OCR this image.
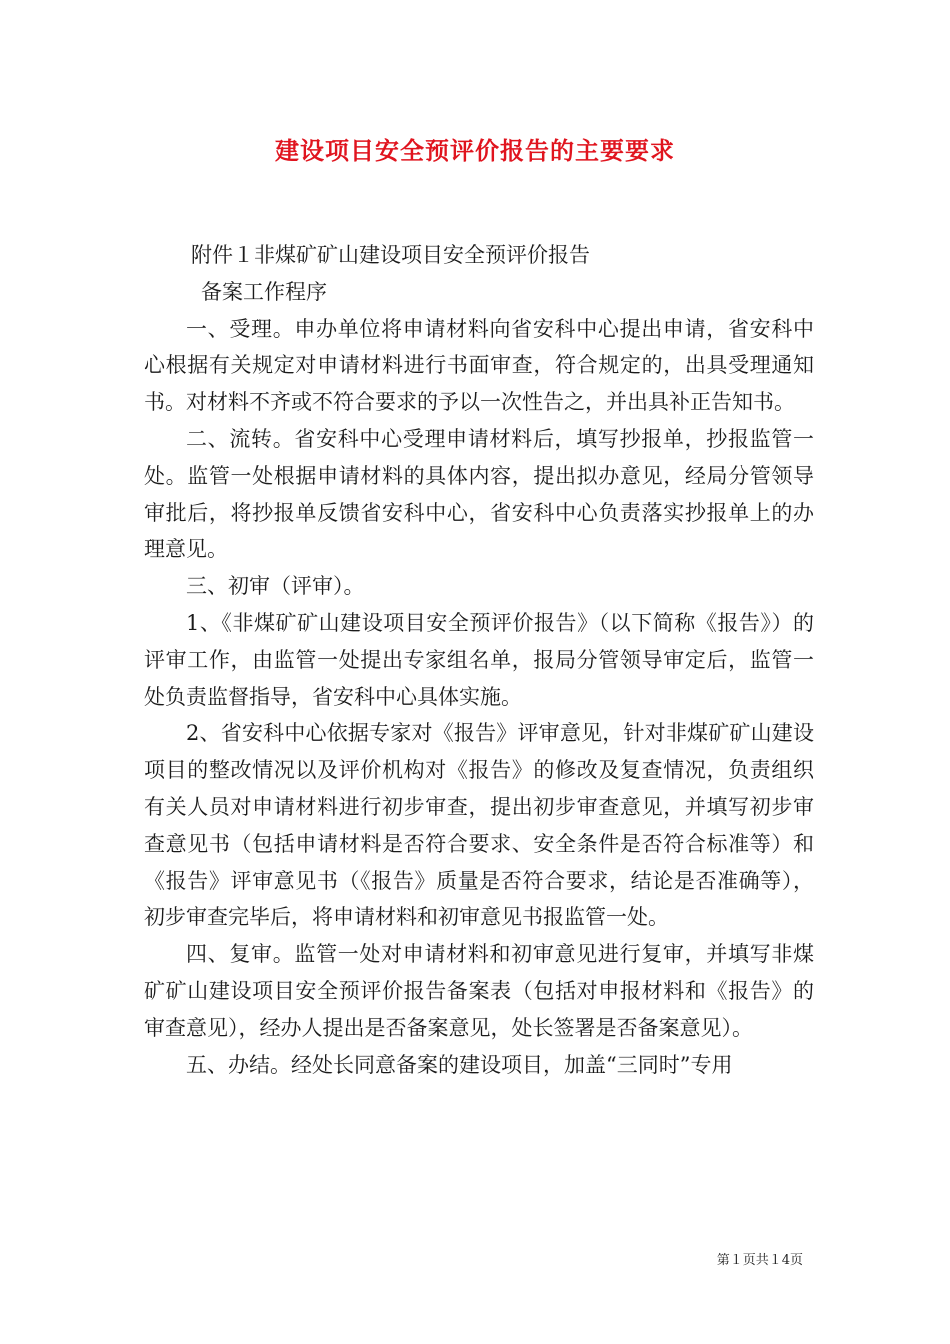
建设项目安全预评价报告的主要要求

附件１非煤矿矿山建设项目安全预评价报告

备案工作程序

一、受理。申办单位将申请材料向省安科中心提出申请，省安科中心根据有关规定对申请材料进行书面审查，符合规定的，出具受理通知书。对材料不齐或不符合要求的予以一次性告之，并出具补正告知书。

二、流转。省安科中心受理申请材料后，填写抄报单，抄报监管一处。监管一处根据申请材料的具体内容，提出拟办意见，经局分管领导审批后，将抄报单反馈省安科中心，省安科中心负责落实抄报单上的办理意见。

三、初审（评审）。

1、《非煤矿矿山建设项目安全预评价报告》（以下简称《报告》）的评审工作，由监管一处提出专家组名单，报局分管领导审定后，监管一处负责监督指导，省安科中心具体实施。

2、省安科中心依据专家对《报告》评审意见，针对非煤矿矿山建设项目的整改情况以及评价机构对《报告》的修改及复查情况，负责组织有关人员对申请材料进行初步审查，提出初步审查意见，并填写初步审查意见书（包括申请材料是否符合要求、安全条件是否符合标准等）和《报告》评审意见书（《报告》质量是否符合要求，结论是否准确等），初步审查完毕后，将申请材料和初审意见书报监管一处。

四、复审。监管一处对申请材料和初审意见进行复审，并填写非煤矿矿山建设项目安全预评价报告备案表（包括对申报材料和《报告》的审查意见），经办人提出是否备案意见，处长签署是否备案意见）。

五、办结。经处长同意备案的建设项目，加盖“三同时”专用

第１页共１4页
